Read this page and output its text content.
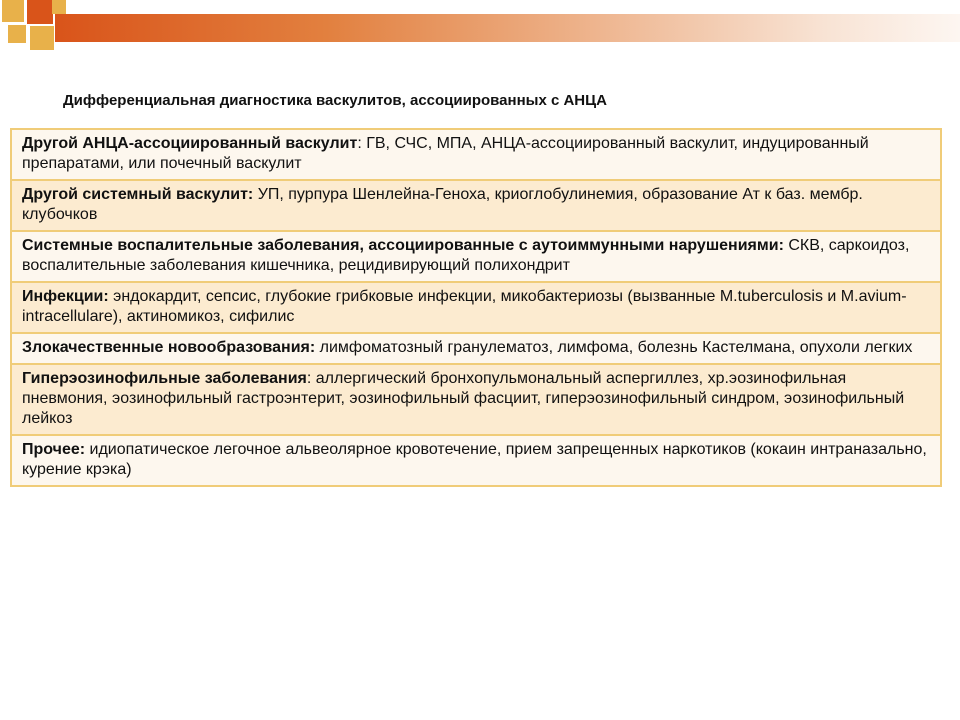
Дифференциальная диагностика васкулитов, ассоциированных с АНЦА
Другой АНЦА-ассоциированный васкулит: ГВ, СЧС, МПА, АНЦА-ассоциированный васкулит, индуцированный препаратами, или почечный васкулит
Другой системный васкулит: УП, пурпура Шенлейна-Геноха, криоглобулинемия, образование Ат к баз. мембр. клубочков
Системные воспалительные заболевания, ассоциированные с аутоиммунными нарушениями: СКВ, саркоидоз, воспалительные заболевания кишечника, рецидивирующий полихондрит
Инфекции: эндокардит, сепсис, глубокие грибковые инфекции, микобактериозы (вызванные M.tuberculosis и M.avium-intracellulare), актиномикоз, сифилис
Злокачественные новообразования: лимфоматозный гранулематоз, лимфома, болезнь Кастелмана, опухоли легких
Гиперэозинофильные заболевания: аллергический бронхопульмональный аспергиллез, хр.эозинофильная пневмония, эозинофильный гастроэнтерит, эозинофильный фасциит, гиперэозинофильный синдром, эозинофильный лейкоз
Прочее: идиопатическое легочное альвеолярное кровотечение, прием запрещенных наркотиков (кокаин интраназально, курение крэка)
